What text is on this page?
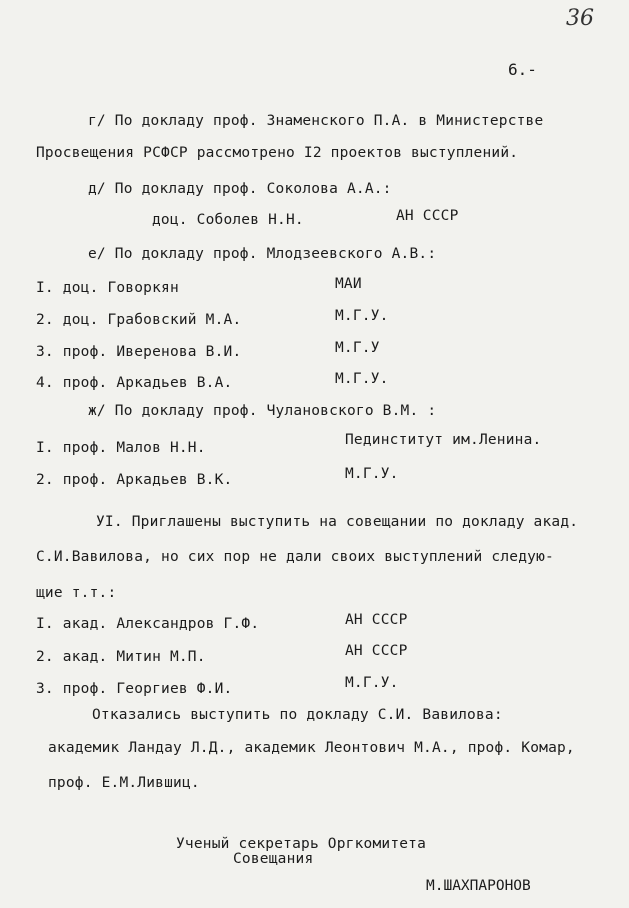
36
6.-
г/ По докладу проф. Знаменского П.А. в Министерстве
Просвещения РСФСР рассмотрено I2 проектов выступлений.
д/ По докладу проф. Соколова А.А.:
доц. Соболев Н.Н.	АН СССР
е/ По докладу проф. Млодзеевского А.В.:
I. доц. Говоркян	МАИ
2. доц. Грабовский М.А.	М.Г.У.
3. проф. Иверенова В.И.	М.Г.У
4. проф. Аркадьев В.А.	М.Г.У.
ж/ По докладу проф. Чулановского В.М. :
I. проф. Малов Н.Н.	Пединститут им.Ленина.
2. проф. Аркадьев В.К.	М.Г.У.
УI. Приглашены выступить на совещании по докладу акад.
С.И.Вавилова, но сих пор не дали своих выступлений следую-
щие т.т.:
I. акад. Александров Г.Ф.	АН СССР
2. акад. Митин М.П.	АН СССР
3. проф. Георгиев Ф.И.	М.Г.У.
Отказались выступить по докладу С.И. Вавилова:
академик Ландау Л.Д., академик Леонтович М.А., проф. Комар,
проф. Е.М.Лившиц.
Ученый секретарь Оргкомитета
Совещания
М.ШАХПАРОНОВ
